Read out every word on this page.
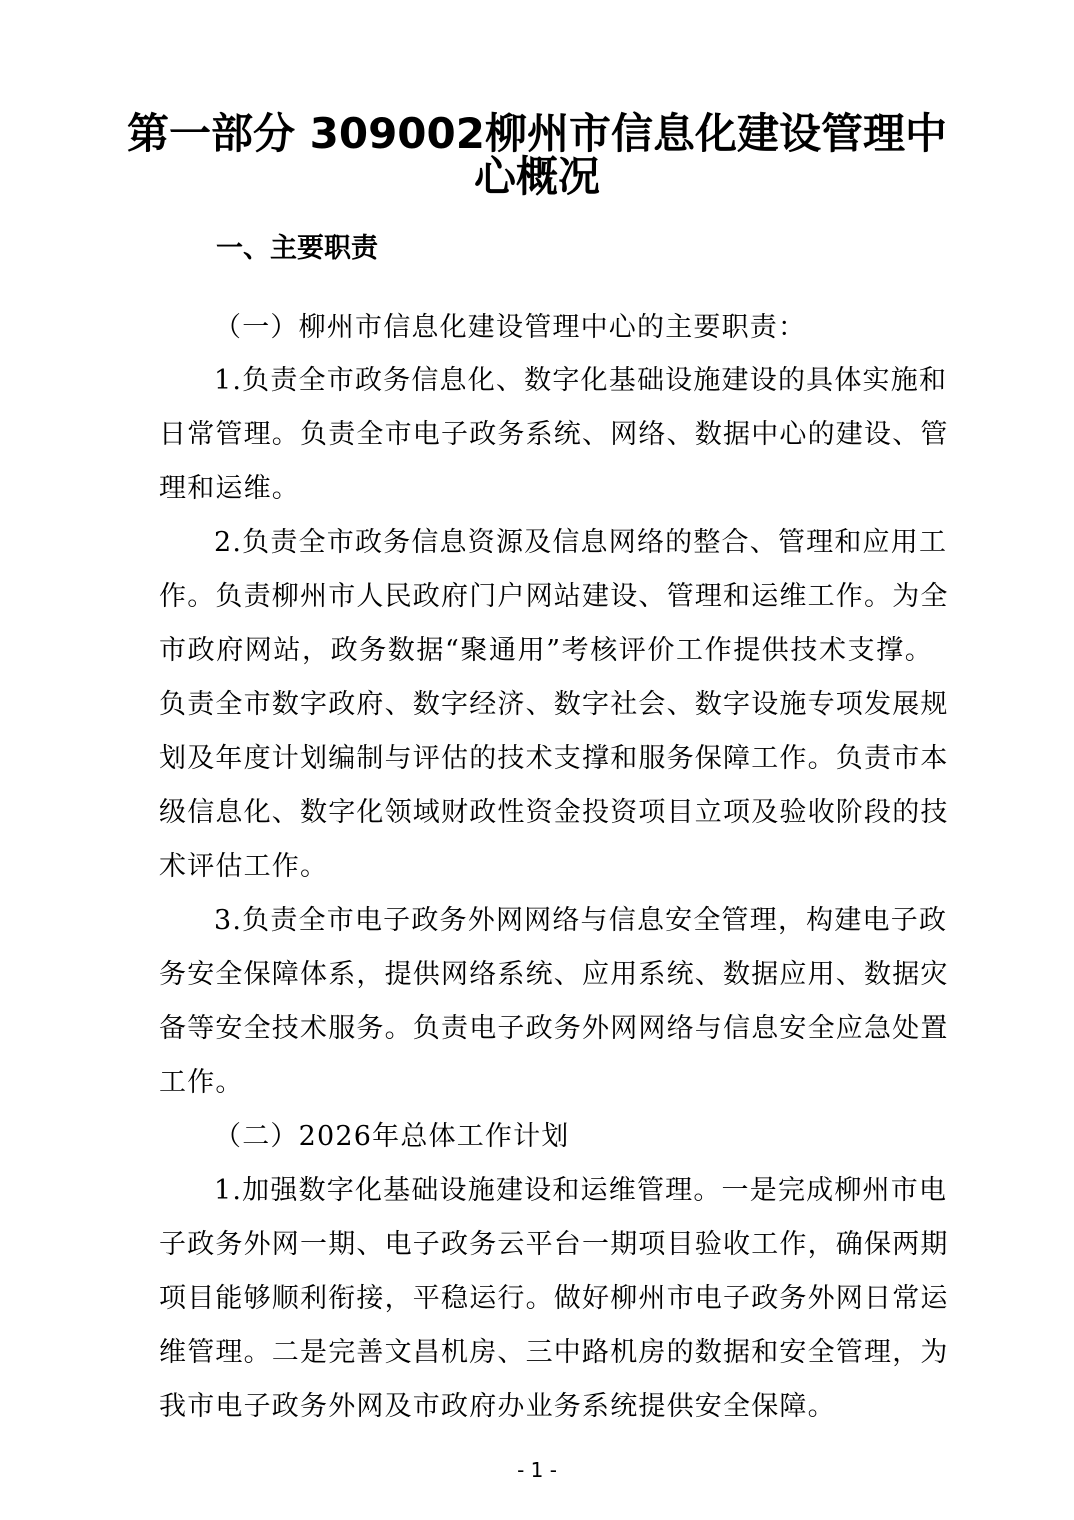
第一部分 309002柳州市信息化建设管理中
心概况
一、主要职责
（一）柳州市信息化建设管理中心的主要职责：
1.负责全市政务信息化、数字化基础设施建设的具体实施和
日常管理。负责全市电子政务系统、网络、数据中心的建设、管
理和运维。
2.负责全市政务信息资源及信息网络的整合、管理和应用工
作。负责柳州市人民政府门户网站建设、管理和运维工作。为全
市政府网站，政务数据“聚通用”考核评价工作提供技术支撑。
负责全市数字政府、数字经济、数字社会、数字设施专项发展规
划及年度计划编制与评估的技术支撑和服务保障工作。负责市本
级信息化、数字化领域财政性资金投资项目立项及验收阶段的技
术评估工作。
3.负责全市电子政务外网网络与信息安全管理，构建电子政
务安全保障体系，提供网络系统、应用系统、数据应用、数据灾
备等安全技术服务。负责电子政务外网网络与信息安全应急处置
工作。
（二）2026年总体工作计划
1.加强数字化基础设施建设和运维管理。一是完成柳州市电
子政务外网一期、电子政务云平台一期项目验收工作，确保两期
项目能够顺利衔接，平稳运行。做好柳州市电子政务外网日常运
维管理。二是完善文昌机房、三中路机房的数据和安全管理，为
我市电子政务外网及市政府办业务系统提供安全保障。
- 1 -
